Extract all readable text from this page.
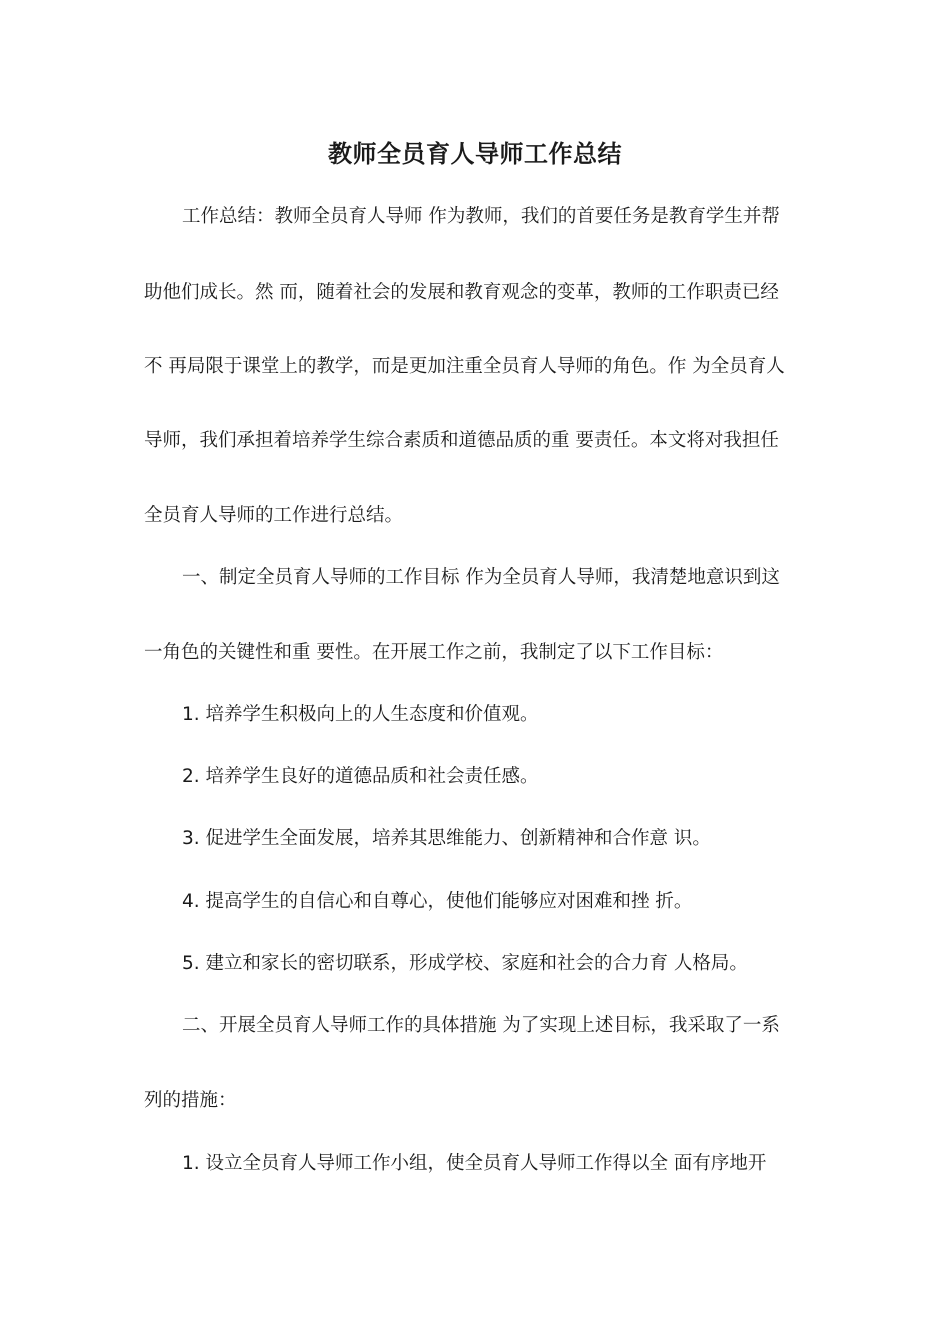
教师全员育人导师工作总结
工作总结：教师全员育人导师 作为教师，我们的首要任务是教育学生并帮
助他们成长。然 而，随着社会的发展和教育观念的变革，教师的工作职责已经
不 再局限于课堂上的教学，而是更加注重全员育人导师的角色。作 为全员育人
导师，我们承担着培养学生综合素质和道德品质的重 要责任。本文将对我担任
全员育人导师的工作进行总结。
一、制定全员育人导师的工作目标 作为全员育人导师，我清楚地意识到这
一角色的关键性和重 要性。在开展工作之前，我制定了以下工作目标：
1. 培养学生积极向上的人生态度和价值观。
2. 培养学生良好的道德品质和社会责任感。
3. 促进学生全面发展，培养其思维能力、创新精神和合作意 识。
4. 提高学生的自信心和自尊心，使他们能够应对困难和挫 折。
5. 建立和家长的密切联系，形成学校、家庭和社会的合力育 人格局。
二、开展全员育人导师工作的具体措施 为了实现上述目标，我采取了一系
列的措施：
1. 设立全员育人导师工作小组，使全员育人导师工作得以全 面有序地开
